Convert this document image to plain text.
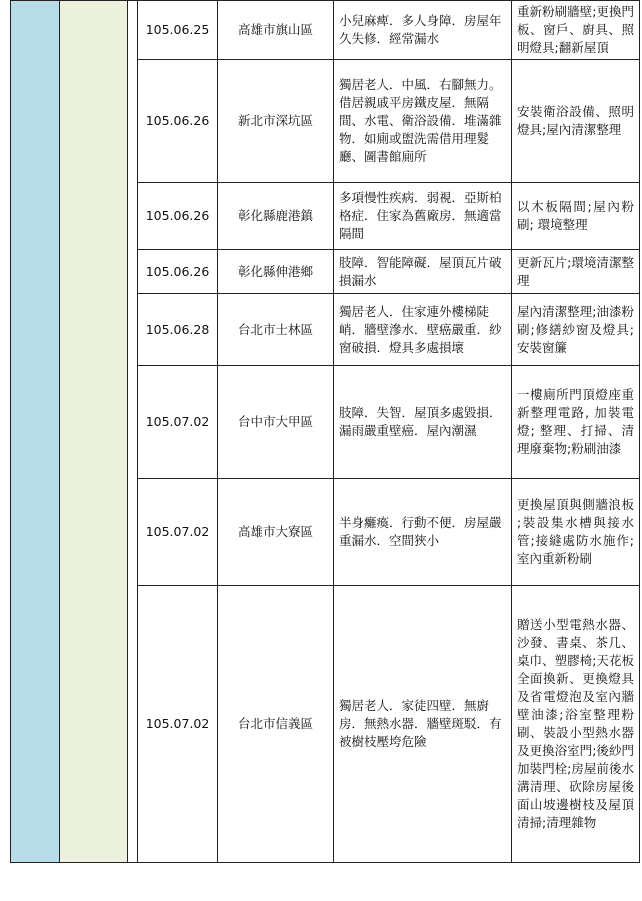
			105.06.25	高雄市旗山區	小兒麻痺．多人身障．房屋年久失修．經常漏水	重新粉刷牆壁;更換門板、窗戶、廚具、照明燈具;翻新屋頂
			105.06.26	新北市深坑區	獨居老人．中風．右腳無力。借居親戚平房鐵皮屋．無隔間、水電、衛浴設備．堆滿雜物．如廁或盥洗需借用理髮廳、圖書館廁所	安裝衛浴設備、照明燈具;屋內清潔整理
			105.06.26	彰化縣鹿港鎮	多項慢性疾病．弱視．亞斯柏格症．住家為舊廠房．無適當隔間	以木板隔間;屋內粉刷; 環境整理
			105.06.26	彰化縣伸港鄉	肢障．智能障礙．屋頂瓦片破損漏水	更新瓦片;環境清潔整理
			105.06.28	台北市士林區	獨居老人．住家連外樓梯陡峭．牆壁滲水．壁癌嚴重．紗窗破損．燈具多處損壞	屋內清潔整理;油漆粉刷;修繕紗窗及燈具;安裝窗簾
			105.07.02	台中市大甲區	肢障．失智．屋頂多處毀損．漏雨嚴重壁癌．屋內潮濕	一樓廁所門頂燈座重新整理電路, 加裝電燈; 整理、打掃、清理廢棄物;粉刷油漆
			105.07.02	高雄市大寮區	半身癱瘓．行動不便．房屋嚴重漏水．空間狹小	更換屋頂與側牆浪板 ;裝設集水槽與接水管;接縫處防水施作;室內重新粉刷
			105.07.02	台北市信義區	獨居老人．家徒四壁．無廚房．無熱水器．牆壁斑駁．有被樹枝壓垮危險	贈送小型電熱水器、沙發、書桌、茶几、桌巾、塑膠椅;天花板全面換新、更換燈具及省電燈泡及室內牆壁油漆;浴室整理粉刷、裝設小型熱水器及更換浴室門;後紗門加裝門栓;房屋前後水溝清理、砍除房屋後面山坡邊樹枝及屋頂清掃;清理雜物
